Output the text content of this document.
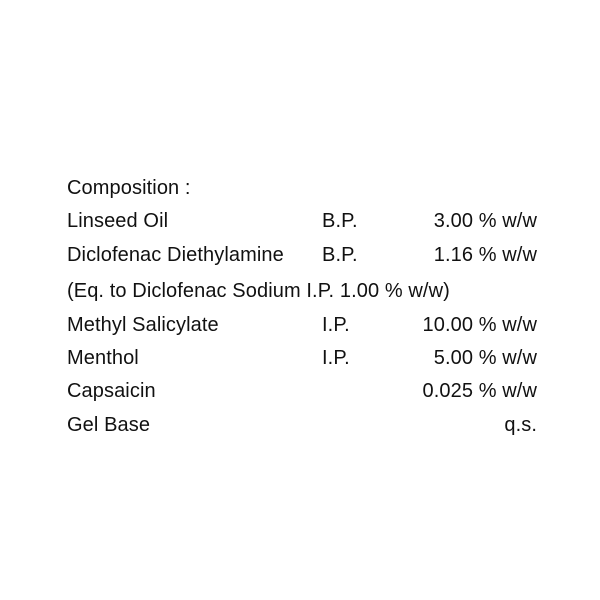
Composition :
Linseed Oil	B.P.	3.00 % w/w
Diclofenac Diethylamine B.P.	1.16 % w/w
(Eq. to Diclofenac Sodium I.P. 1.00 % w/w)
Methyl Salicylate	I.P.	10.00 % w/w
Menthol	I.P.	5.00 % w/w
Capsaicin	0.025 % w/w
Gel Base	q.s.
